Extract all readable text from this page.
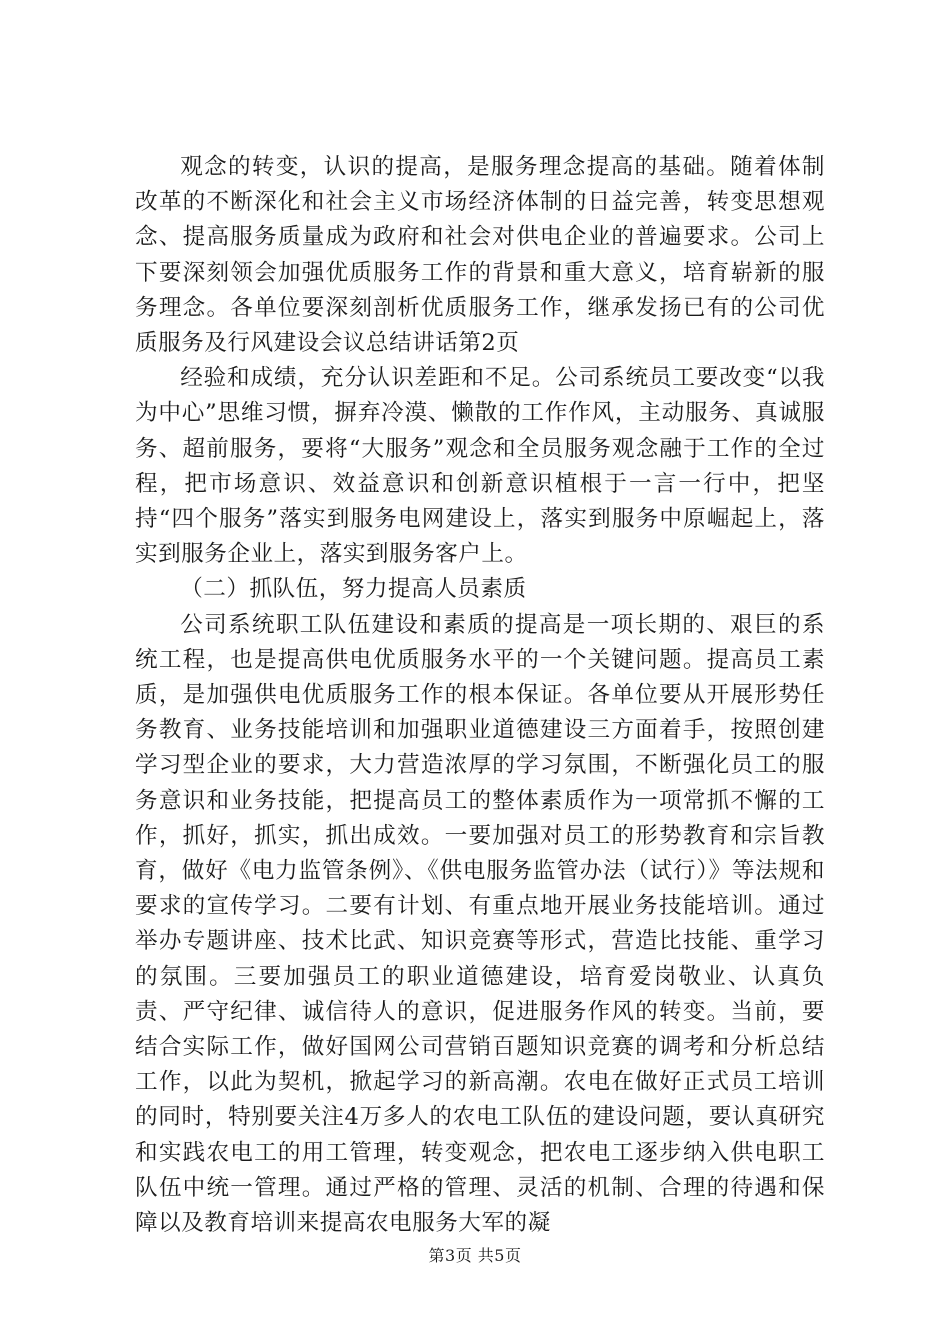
观念的转变，认识的提高，是服务理念提高的基础。随着体制改革的不断深化和社会主义市场经济体制的日益完善，转变思想观念、提高服务质量成为政府和社会对供电企业的普遍要求。公司上下要深刻领会加强优质服务工作的背景和重大意义，培育崭新的服务理念。各单位要深刻剖析优质服务工作，继承发扬已有的公司优质服务及行风建设会议总结讲话第2页

经验和成绩，充分认识差距和不足。公司系统员工要改变“以我为中心”思维习惯，摒弃冷漠、懒散的工作作风，主动服务、真诚服务、超前服务，要将“大服务”观念和全员服务观念融于工作的全过程，把市场意识、效益意识和创新意识植根于一言一行中，把坚持“四个服务”落实到服务电网建设上，落实到服务中原崛起上，落实到服务企业上，落实到服务客户上。

（二）抓队伍，努力提高人员素质

公司系统职工队伍建设和素质的提高是一项长期的、艰巨的系统工程，也是提高供电优质服务水平的一个关键问题。提高员工素质，是加强供电优质服务工作的根本保证。各单位要从开展形势任务教育、业务技能培训和加强职业道德建设三方面着手，按照创建学习型企业的要求，大力营造浓厚的学习氛围，不断强化员工的服务意识和业务技能，把提高员工的整体素质作为一项常抓不懈的工作，抓好，抓实，抓出成效。一要加强对员工的形势教育和宗旨教育，做好《电力监管条例》、《供电服务监管办法（试行）》等法规和要求的宣传学习。二要有计划、有重点地开展业务技能培训。通过举办专题讲座、技术比武、知识竞赛等形式，营造比技能、重学习的氛围。三要加强员工的职业道德建设，培育爱岗敬业、认真负责、严守纪律、诚信待人的意识，促进服务作风的转变。当前，要结合实际工作，做好国网公司营销百题知识竞赛的调考和分析总结工作，以此为契机，掀起学习的新高潮。农电在做好正式员工培训的同时，特别要关注4万多人的农电工队伍的建设问题，要认真研究和实践农电工的用工管理，转变观念，把农电工逐步纳入供电职工队伍中统一管理。通过严格的管理、灵活的机制、合理的待遇和保障以及教育培训来提高农电服务大军的凝

第3页 共5页
